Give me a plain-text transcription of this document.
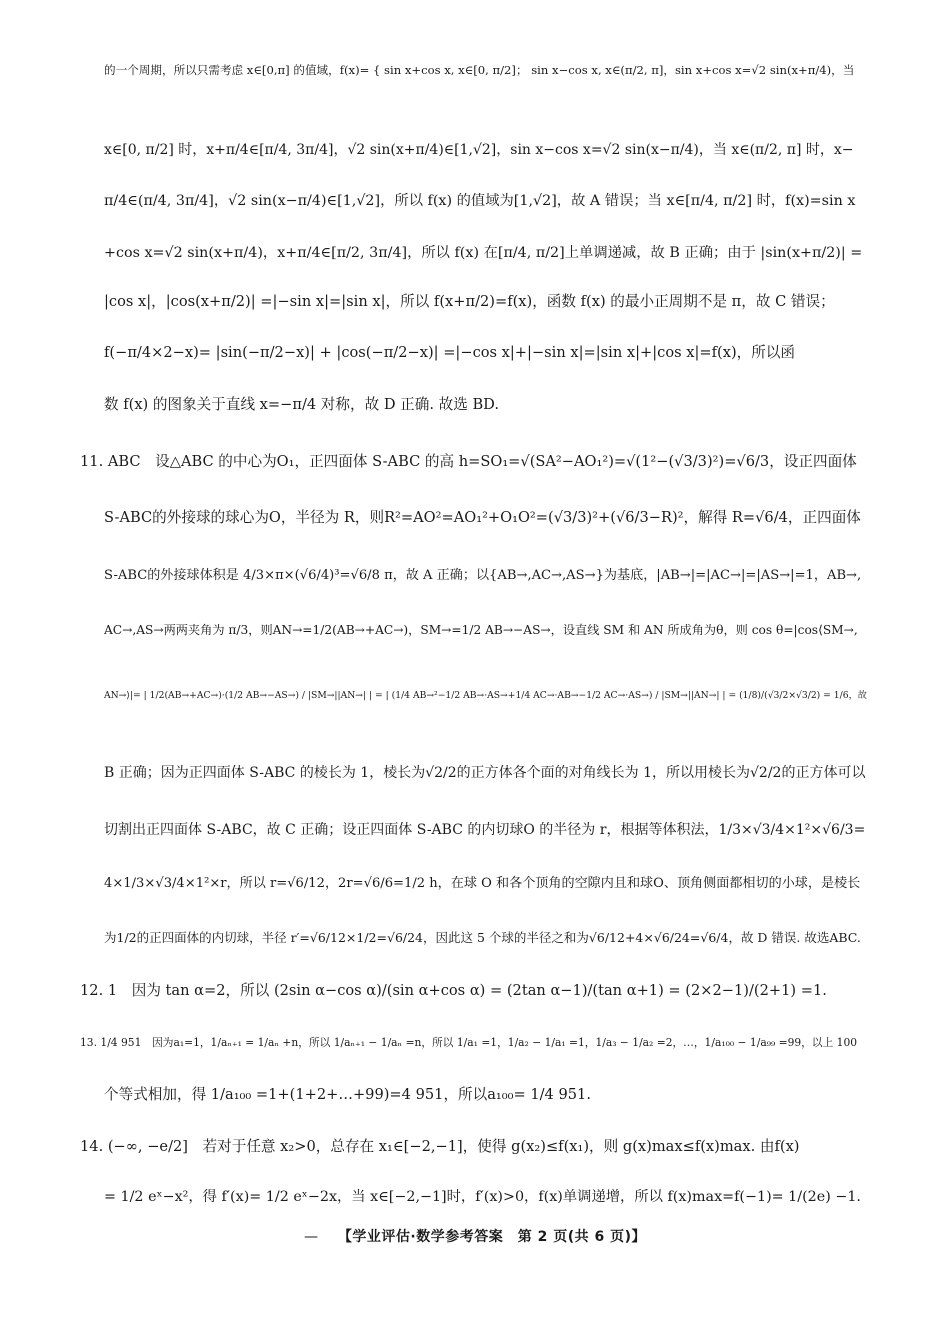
的一个周期，所以只需考虑 x∈[0,π] 的值域，f(x)= { sin x+cos x, x∈[0, π/2]； sin x−cos x, x∈(π/2, π]，sin x+cos x=√2 sin(x+π/4)，当
x∈[0, π/2] 时，x+π/4∈[π/4, 3π/4]，√2 sin(x+π/4)∈[1,√2]，sin x−cos x=√2 sin(x−π/4)，当 x∈(π/2, π] 时，x−
π/4∈(π/4, 3π/4]，√2 sin(x−π/4)∈[1,√2]，所以 f(x) 的值域为[1,√2]，故 A 错误；当 x∈[π/4, π/2] 时，f(x)=sin x
+cos x=√2 sin(x+π/4)，x+π/4∈[π/2, 3π/4]，所以 f(x) 在[π/4, π/2]上单调递减，故 B 正确；由于 |sin(x+π/2)| =
|cos x|，|cos(x+π/2)| =|−sin x|=|sin x|，所以 f(x+π/2)=f(x)，函数 f(x) 的最小正周期不是 π，故 C 错误；
f(−π/4×2−x)= |sin(−π/2−x)| + |cos(−π/2−x)| =|−cos x|+|−sin x|=|sin x|+|cos x|=f(x)，所以函
数 f(x) 的图象关于直线 x=−π/4 对称，故 D 正确. 故选 BD.
11. ABC　设△ABC 的中心为O₁，正四面体 S-ABC 的高 h=SO₁=√(SA²−AO₁²)=√(1²−(√3/3)²)=√6/3，设正四面体
S-ABC的外接球的球心为O，半径为 R，则R²=AO²=AO₁²+O₁O²=(√3/3)²+(√6/3−R)²，解得 R=√6/4，正四面体
S-ABC的外接球体积是 4/3×π×(√6/4)³=√6/8 π，故 A 正确；以{AB→,AC→,AS→}为基底，|AB→|=|AC→|=|AS→|=1，AB→,
AC→,AS→两两夹角为 π/3，则AN→=1/2(AB→+AC→)，SM→=1/2 AB→−AS→，设直线 SM 和 AN 所成角为θ，则 cos θ=|cos⟨SM→,
AN→⟩|= | 1/2(AB→+AC→)·(1/2 AB→−AS→) / |SM→||AN→| | = | (1/4 AB→²−1/2 AB→·AS→+1/4 AC→·AB→−1/2 AC→·AS→) / |SM→||AN→| | = (1/8)/(√3/2×√3/2) = 1/6，故
B 正确；因为正四面体 S-ABC 的棱长为 1，棱长为√2/2的正方体各个面的对角线长为 1，所以用棱长为√2/2的正方体可以
切割出正四面体 S-ABC，故 C 正确；设正四面体 S-ABC 的内切球O 的半径为 r，根据等体积法，1/3×√3/4×1²×√6/3=
4×1/3×√3/4×1²×r，所以 r=√6/12，2r=√6/6=1/2 h，在球 O 和各个顶角的空隙内且和球O、顶角侧面都相切的小球，是棱长
为1/2的正四面体的内切球，半径 r′=√6/12×1/2=√6/24，因此这 5 个球的半径之和为√6/12+4×√6/24=√6/4，故 D 错误. 故选ABC.
12. 1　因为 tan α=2，所以 (2sin α−cos α)/(sin α+cos α) = (2tan α−1)/(tan α+1) = (2×2−1)/(2+1) =1.
13. 1/4 951　因为a₁=1，1/aₙ₊₁ = 1/aₙ +n，所以 1/aₙ₊₁ − 1/aₙ =n，所以 1/a₁ =1，1/a₂ − 1/a₁ =1，1/a₃ − 1/a₂ =2，…，1/a₁₀₀ − 1/a₉₉ =99，以上 100
个等式相加，得 1/a₁₀₀ =1+(1+2+…+99)=4 951，所以a₁₀₀= 1/4 951.
14. (−∞, −e/2]　若对于任意 x₂>0，总存在 x₁∈[−2,−1]，使得 g(x₂)≤f(x₁)，则 g(x)max≤f(x)max. 由f(x)
= 1/2 eˣ−x²，得 f′(x)= 1/2 eˣ−2x，当 x∈[−2,−1]时，f′(x)>0，f(x)单调递增，所以 f(x)max=f(−1)= 1/(2e) −1.
— 【学业评估·数学参考答案　第 2 页(共 6 页)】
